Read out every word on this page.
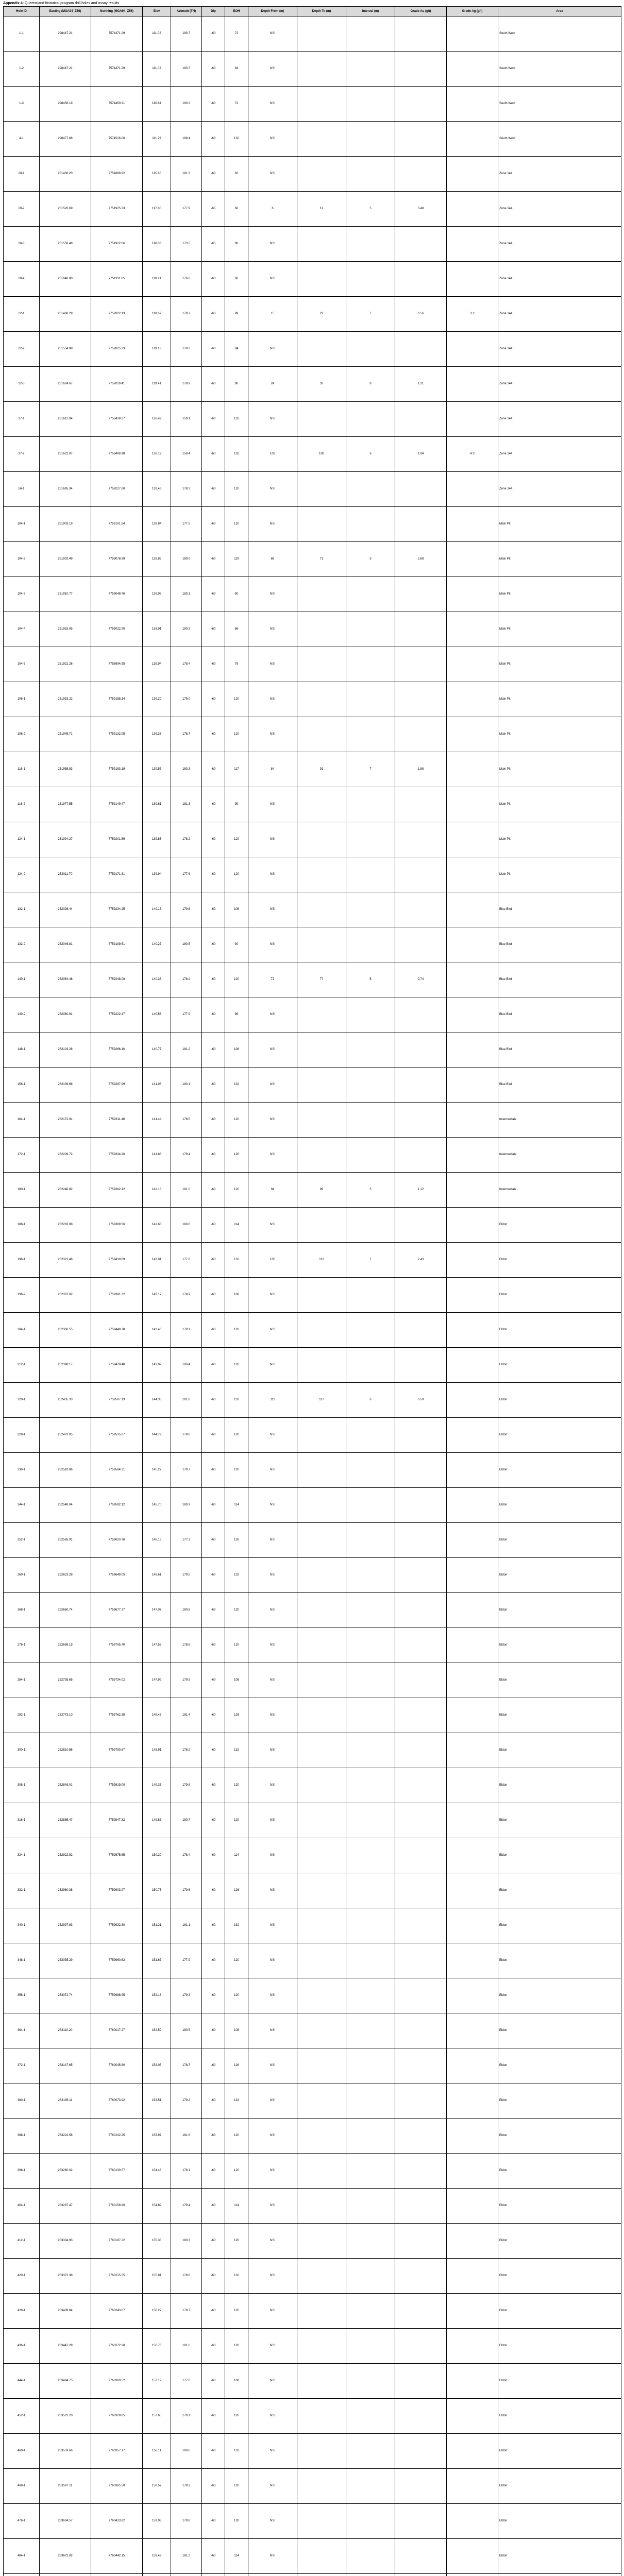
Appendix 4: Queensland historical program drill holes and assay results
Hole ID	Easting (MGA94_Z56)	Northing (MGA94_Z56)	Elev	Azimuth (TN)	Dip	EOH	Depth From (m)	Depth To (m)	Interval (m)	Grade Au (g/t)	Grade Ag (g/t)	Area
1-1	298447.21	7574471.29	111.02	190.7	-60	72	NSI					South West
1-2	298447.21	7574471.29	111.02	190.7	-60	84	NSI					South West
1-3	298456.19	7574450.91	110.84	190.3	-60	72	NSI					South West
4-1	298477.68	7574516.06	111.79	189.4	-60	132	NSI					South West
20-1	251430.20	7751888.92	115.85	181.3	-60	60	NSI					Zone 144
20-2	251526.69	7751925.23	117.80	177.9	-65	66	6	11	5	0.48		Zone 144
20-3	251558.48	7751922.06	118.03	173.5	-65	90	NSI					Zone 144
20-4	251640.80	7751911.05	118.21	176.6	-60	60	NSI					Zone 144
22-1	251468.29	7752022.13	118.67	179.7	-60	99	15	22	7	0.56	3.2	Zone 144
22-2	251554.88	7752025.33	119.13	178.3	-60	84	NSI					Zone 144
22-3	251624.67	7752019.41	119.41	178.9	-60	80	24	32	8	1.21		Zone 144
37-1	251612.04	7753418.27	128.42	159.1	-60	132	NSI					Zone 144
37-2	251622.07	7753408.18	128.12	158.4	-60	132	102	108	6	1.04	4.3	Zone 144
56-1	251695.34	7758227.60	139.46	178.3	-60	120	NSI					Zone 144
104-1	251903.19	7759101.54	138.84	177.5	-60	120	NSI					Main Pit
104-2	251902.49	7759078.99	138.85	180.0	-60	119	66	71	5	2.68		Main Pit
104-3	251910.77	7759048.76	138.98	180.1	-60	90	NSI					Main Pit
104-4	251915.05	7759022.90	138.91	180.3	-60	66	NSI					Main Pit
104-5	251922.26	7758994.95	138.94	178.4	-60	78	NSI					Main Pit
106-1	251933.22	7759158.14	139.29	179.0	-60	120	NSI					Main Pit
106-2	251945.71	7759132.05	139.36	178.7	-60	120	NSI					Main Pit
116-1	251958.83	7759183.19	139.57	180.3	-60	117	84	91	7	1.88		Main Pit
116-2	251977.55	7759149.47	139.61	181.3	-60	99	NSI					Main Pit
124-1	251994.27	7759201.59	139.85	178.2	-60	120	NSI					Main Pit
124-2	252011.70	7759171.31	139.94	177.8	-60	120	NSI					Main Pit
132-1	252026.44	7759234.25	140.13	179.6	-60	108	NSI					Blue Bird
132-2	252046.81	7759199.51	140.27	180.5	-60	90	NSI					Blue Bird
140-1	252064.48	7759248.08	140.35	178.2	-60	120	72	77	5	0.74		Blue Bird
140-2	252080.91	7759222.47	140.53	177.9	-60	96	NSI					Blue Bird
148-1	252103.28	7759266.10	140.77	181.2	-60	108	NSI					Blue Bird
156-1	252139.66	7759287.99	141.06	180.1	-60	132	NSI					Blue Bird
164-1	252172.91	7759311.40	141.44	178.5	-60	120	NSI					Intermediate
172-1	252209.72	7759334.90	141.83	179.4	-60	126	NSI					Intermediate
180-1	252246.82	7759362.12	142.18	181.0	-60	120	94	99	5	1.12		Intermediate
188-1	252282.08	7759389.56	142.63	180.6	-60	114	NSI					Eldon
196-1	252321.46	7759419.89	143.01	177.6	-60	132	105	112	7	2.43		Eldon
196-2	252337.02	7759391.32	143.17	178.9	-60	108	NSI					Eldon
204-1	252360.55	7759448.78	143.46	179.1	-60	120	NSI					Eldon
212-1	252398.17	7759478.40	143.92	180.4	-60	126	NSI					Eldon
220-1	252435.33	7759507.13	144.33	181.8	-60	132	111	117	6	0.59		Eldon
228-1	252473.05	7759535.67	144.79	178.0	-60	120	NSI					Eldon
236-1	252510.86	7759564.31	145.27	179.7	-60	120	NSI					Eldon
244-1	252548.04	7759592.12	145.70	180.9	-60	114	NSI					Eldon
252-1	252585.91	7759620.76	146.16	177.3	-60	126	NSI					Eldon
260-1	252623.28	7759649.05	146.61	179.5	-60	132	NSI					Eldon
268-1	252660.74	7759677.37	147.07	180.8	-60	120	NSI					Eldon
276-1	252698.19	7759705.70	147.53	178.6	-60	120	NSI					Eldon
284-1	252735.65	7759734.02	147.99	179.9	-60	108	NSI					Eldon
292-1	252773.10	7759762.35	148.45	181.4	-60	126	NSI					Eldon
300-1	252810.56	7759790.67	148.91	178.2	-60	132	NSI					Eldon
308-1	252848.01	7759819.00	149.37	179.8	-60	120	NSI					Eldon
316-1	252885.47	7759847.32	149.83	180.7	-60	120	NSI					Eldon
324-1	252922.92	7759875.65	150.29	178.4	-60	114	NSI					Eldon
332-1	252960.38	7759903.97	150.75	179.6	-60	126	NSI					Eldon
340-1	252997.83	7759932.30	151.21	181.1	-60	132	NSI					Eldon
348-1	253035.29	7759960.62	151.67	177.9	-60	120	NSI					Eldon
356-1	253072.74	7759988.95	152.13	179.3	-60	120	NSI					Eldon
364-1	253110.20	7760017.27	152.59	180.5	-60	108	NSI					Eldon
372-1	253147.65	7760045.60	153.05	178.7	-60	126	NSI					Eldon
380-1	253185.11	7760073.92	153.51	179.2	-60	132	NSI					Eldon
388-1	253222.56	7760102.25	153.97	181.6	-60	120	NSI					Eldon
396-1	253260.02	7760130.57	154.43	178.1	-60	120	NSI					Eldon
404-1	253297.47	7760158.90	154.89	179.4	-60	114	NSI					Eldon
412-1	253334.93	7760187.22	155.35	180.3	-60	126	NSI					Eldon
420-1	253372.38	7760215.55	155.81	178.8	-60	132	NSI					Eldon
428-1	253409.84	7760243.87	156.27	179.7	-60	120	NSI					Eldon
436-1	253447.29	7760272.20	156.73	181.0	-60	120	NSI					Eldon
444-1	253484.75	7760300.52	157.19	177.6	-60	108	NSI					Eldon
452-1	253522.20	7760328.85	157.65	179.1	-60	126	NSI					Eldon
460-1	253559.66	7760357.17	158.11	180.6	-60	132	NSI					Eldon
468-1	253597.11	7760385.50	158.57	178.3	-60	120	NSI					Eldon
476-1	253634.57	7760413.82	159.03	179.8	-60	120	NSI					Eldon
484-1	253672.02	7760442.15	159.49	181.2	-60	114	NSI					Eldon
